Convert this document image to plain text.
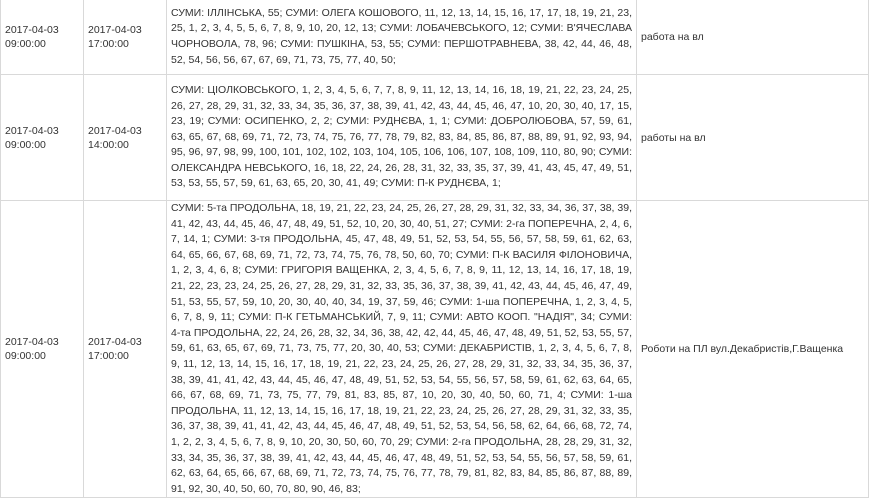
2017-04-03 09:00:00	2017-04-03 17:00:00	СУМИ: ІЛЛІНСЬКА, 55; СУМИ: ОЛЕГА КОШОВОГО, 11, 12, 13, 14, 15, 16, 17, 17, 18, 19, 21, 23, 25, 1, 2, 3, 4, 5, 5, 6, 7, 8, 9, 10, 20, 12, 13; СУМИ: ЛОБАЧЕВСЬКОГО, 12; СУМИ: В'ЯЧЕСЛАВА ЧОРНОВОЛА, 78, 96; СУМИ: ПУШКІНА, 53, 55; СУМИ: ПЕРШОТРАВНЕВА, 38, 42, 44, 46, 48, 52, 54, 56, 56, 67, 67, 69, 71, 73, 75, 77, 40, 50;	работа на вл
2017-04-03 09:00:00	2017-04-03 14:00:00	СУМИ: ЦІОЛКОВСЬКОГО, 1, 2, 3, 4, 5, 6, 7, 7, 8, 9, 11, 12, 13, 14, 16, 18, 19, 21, 22, 23, 24, 25, 26, 27, 28, 29, 31, 32, 33, 34, 35, 36, 37, 38, 39, 41, 42, 43, 44, 45, 46, 47, 10, 20, 30, 40, 17, 15, 23, 19; СУМИ: ОСИПЕНКО, 2, 2; СУМИ: РУДНЄВА, 1, 1; СУМИ: ДОБРОЛЮБОВА, 57, 59, 61, 63, 65, 67, 68, 69, 71, 72, 73, 74, 75, 76, 77, 78, 79, 82, 83, 84, 85, 86, 87, 88, 89, 91, 92, 93, 94, 95, 96, 97, 98, 99, 100, 101, 102, 102, 103, 104, 105, 106, 106, 107, 108, 109, 110, 80, 90; СУМИ: ОЛЕКСАНДРА НЕВСЬКОГО, 16, 18, 22, 24, 26, 28, 31, 32, 33, 35, 37, 39, 41, 43, 45, 47, 49, 51, 53, 53, 55, 57, 59, 61, 63, 65, 20, 30, 41, 49; СУМИ: П-К РУДНЄВА, 1;	работы на вл
2017-04-03 09:00:00	2017-04-03 17:00:00	СУМИ: 5-та ПРОДОЛЬНА, 18, 19, 21, 22, 23, 24, 25, 26, 27, 28, 29, 31, 32, 33, 34, 36, 37, 38, 39, 41, 42, 43, 44, 45, 46, 47, 48, 49, 51, 52, 10, 20, 30, 40, 51, 27; СУМИ: 2-га ПОПЕРЕЧНА, 2, 4, 6, 7, 14, 1; СУМИ: 3-тя ПРОДОЛЬНА, 45, 47, 48, 49, 51, 52, 53, 54, 55, 56, 57, 58, 59, 61, 62, 63, 64, 65, 66, 67, 68, 69, 71, 72, 73, 74, 75, 76, 78, 50, 60, 70; СУМИ: П-К ВАСИЛЯ ФІЛОНОВИЧА, 1, 2, 3, 4, 6, 8; СУМИ: ГРИГОРІЯ ВАЩЕНКА, 2, 3, 4, 5, 6, 7, 8, 9, 11, 12, 13, 14, 16, 17, 18, 19, 21, 22, 23, 23, 24, 25, 26, 27, 28, 29, 31, 32, 33, 35, 36, 37, 38, 39, 41, 42, 43, 44, 45, 46, 47, 49, 51, 53, 55, 57, 59, 10, 20, 30, 40, 40, 34, 19, 37, 59, 46; СУМИ: 1-ша ПОПЕРЕЧНА, 1, 2, 3, 4, 5, 6, 7, 8, 9, 11; СУМИ: П-К ГЕТЬМАНСЬКИЙ, 7, 9, 11; СУМИ: АВТО КООП. "НАДІЯ", 34; СУМИ: 4-та ПРОДОЛЬНА, 22, 24, 26, 28, 32, 34, 36, 38, 42, 42, 44, 45, 46, 47, 48, 49, 51, 52, 53, 55, 57, 59, 61, 63, 65, 67, 69, 71, 73, 75, 77, 20, 30, 40, 53; СУМИ: ДЕКАБРИСТІВ, 1, 2, 3, 4, 5, 6, 7, 8, 9, 11, 12, 13, 14, 15, 16, 17, 18, 19, 21, 22, 23, 24, 25, 26, 27, 28, 29, 31, 32, 33, 34, 35, 36, 37, 38, 39, 41, 41, 42, 43, 44, 45, 46, 47, 48, 49, 51, 52, 53, 54, 55, 56, 57, 58, 59, 61, 62, 63, 64, 65, 66, 67, 68, 69, 71, 73, 75, 77, 79, 81, 83, 85, 87, 10, 20, 30, 40, 50, 60, 71, 4; СУМИ: 1-ша ПРОДОЛЬНА, 11, 12, 13, 14, 15, 16, 17, 18, 19, 21, 22, 23, 24, 25, 26, 27, 28, 29, 31, 32, 33, 35, 36, 37, 38, 39, 41, 41, 42, 43, 44, 45, 46, 47, 48, 49, 51, 52, 53, 54, 56, 58, 62, 64, 66, 68, 72, 74, 1, 2, 2, 3, 4, 5, 6, 7, 8, 9, 10, 20, 30, 50, 60, 70, 29; СУМИ: 2-га ПРОДОЛЬНА, 28, 28, 29, 31, 32, 33, 34, 35, 36, 37, 38, 39, 41, 42, 43, 44, 45, 46, 47, 48, 49, 51, 52, 53, 54, 55, 56, 57, 58, 59, 61, 62, 63, 64, 65, 66, 67, 68, 69, 71, 72, 73, 74, 75, 76, 77, 78, 79, 81, 82, 83, 84, 85, 86, 87, 88, 89, 91, 92, 30, 40, 50, 60, 70, 80, 90, 46, 83;	Роботи на ПЛ вул.Декабристів,Г.Ващенка
